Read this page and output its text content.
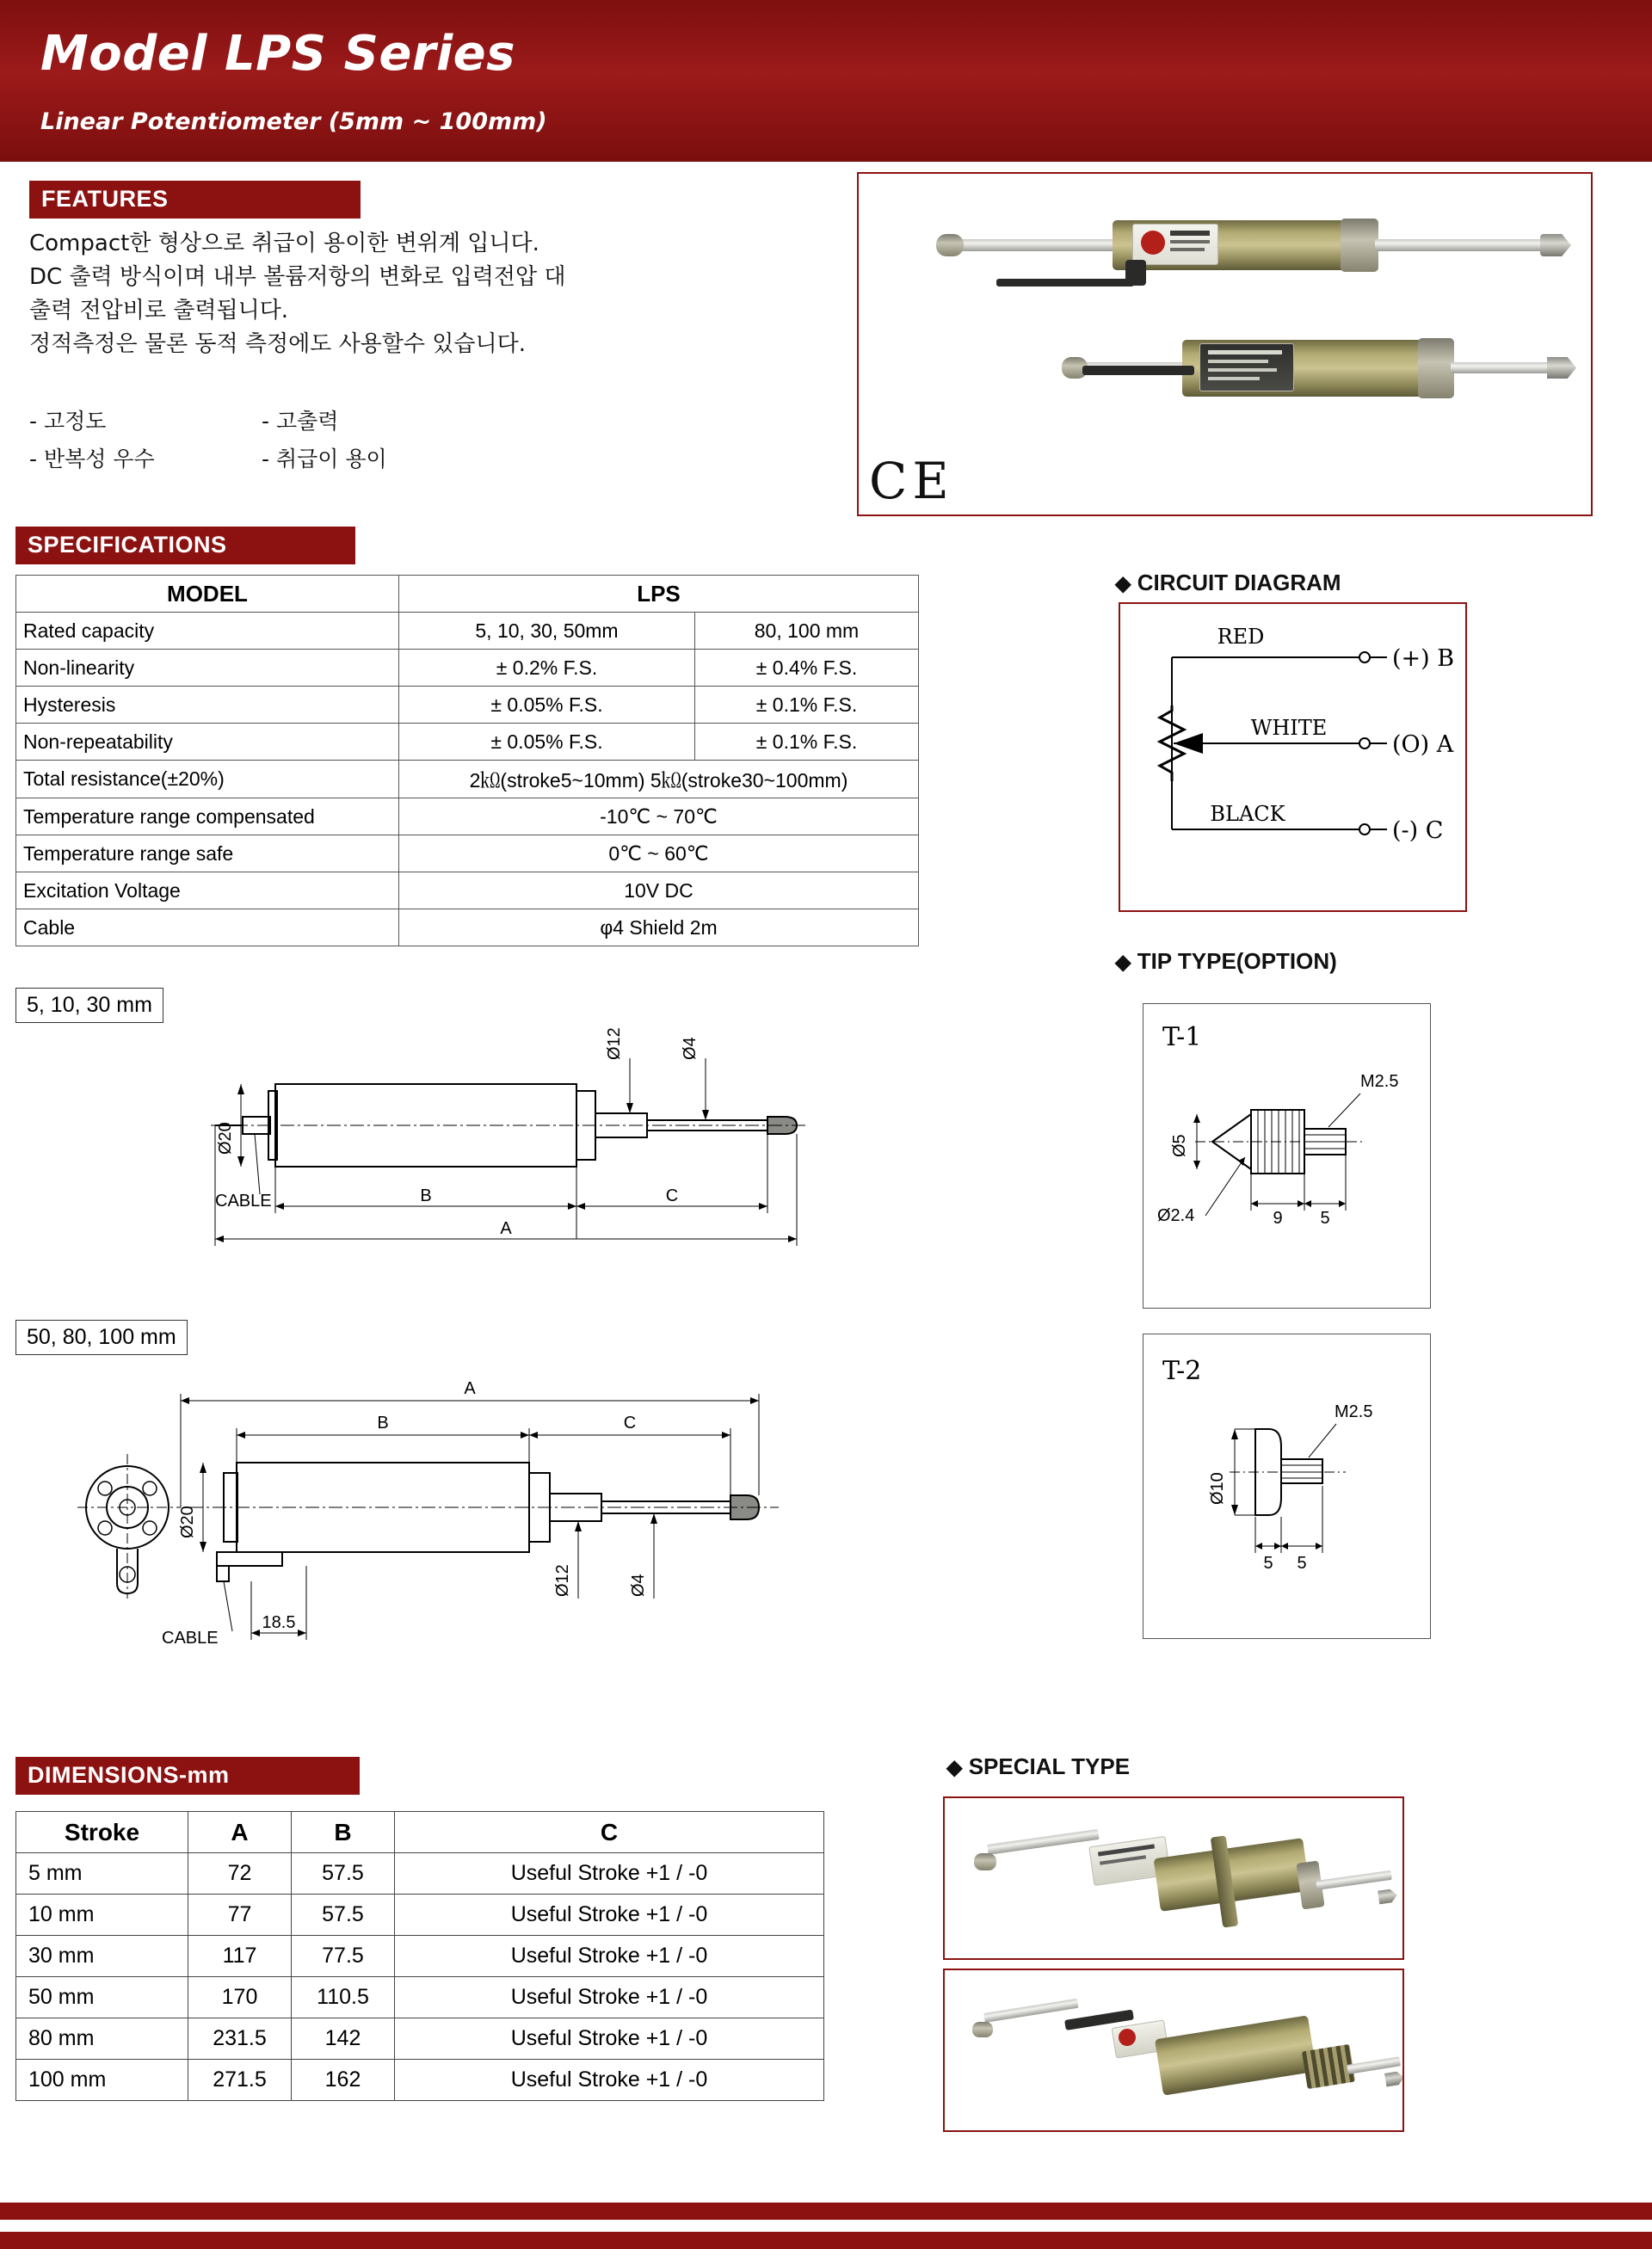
Model LPS Series
Linear Potentiometer (5mm ~ 100mm)
FEATURES
Compact한 형상으로 취급이 용이한 변위계 입니다.
DC 출력 방식이며 내부 볼륨저항의 변화로 입력전압 대
출력 전압비로 출력됩니다.
정적측정은 물론 동적 측정에도 사용할수 있습니다.
- 고정도	- 고출력
- 반복성 우수	- 취급이 용이	CE
SPECIFICATIONS
MODEL	LPS	
Rated capacity	5, 10, 30, 50mm	80, 100 mm
Non-linearity	± 0.2% F.S.	± 0.4% F.S.
Hysteresis	± 0.05% F.S.	± 0.1% F.S.
Non-repeatability	± 0.05% F.S.	± 0.1% F.S.
Total resistance(±20%)	2㏀(stroke5~10mm) 5㏀(stroke30~100mm)	
Temperature range compensated	-10℃ ~ 70℃	
Temperature range safe	0℃ ~ 60℃	
Excitation Voltage	10V DC	
Cable	φ4 Shield 2m	
◆ CIRCUIT DIAGRAM
RED
WHITE
BLACK
(+) B
(O) A
(-) C
◆ TIP TYPE(OPTION)
T-1
M2.5
Ø5
Ø2.4	9 5
T-2
Ø10
M2.5
5 5
5, 10, 30 mm
Ø20
Ø12	Ø4
CABLE	B	C
A
50, 80, 100 mm
Ø20
A
B	C
Ø12	Ø4
CABLE
18.5
DIMENSIONS-mm
Stroke	A	B	C
5 mm	72	57.5	Useful Stroke +1 / -0
10 mm	77	57.5	Useful Stroke +1 / -0
30 mm	117	77.5	Useful Stroke +1 / -0
50 mm	170	110.5	Useful Stroke +1 / -0
80 mm	231.5	142	Useful Stroke +1 / -0
100 mm	271.5	162	Useful Stroke +1 / -0
◆ SPECIAL TYPE
